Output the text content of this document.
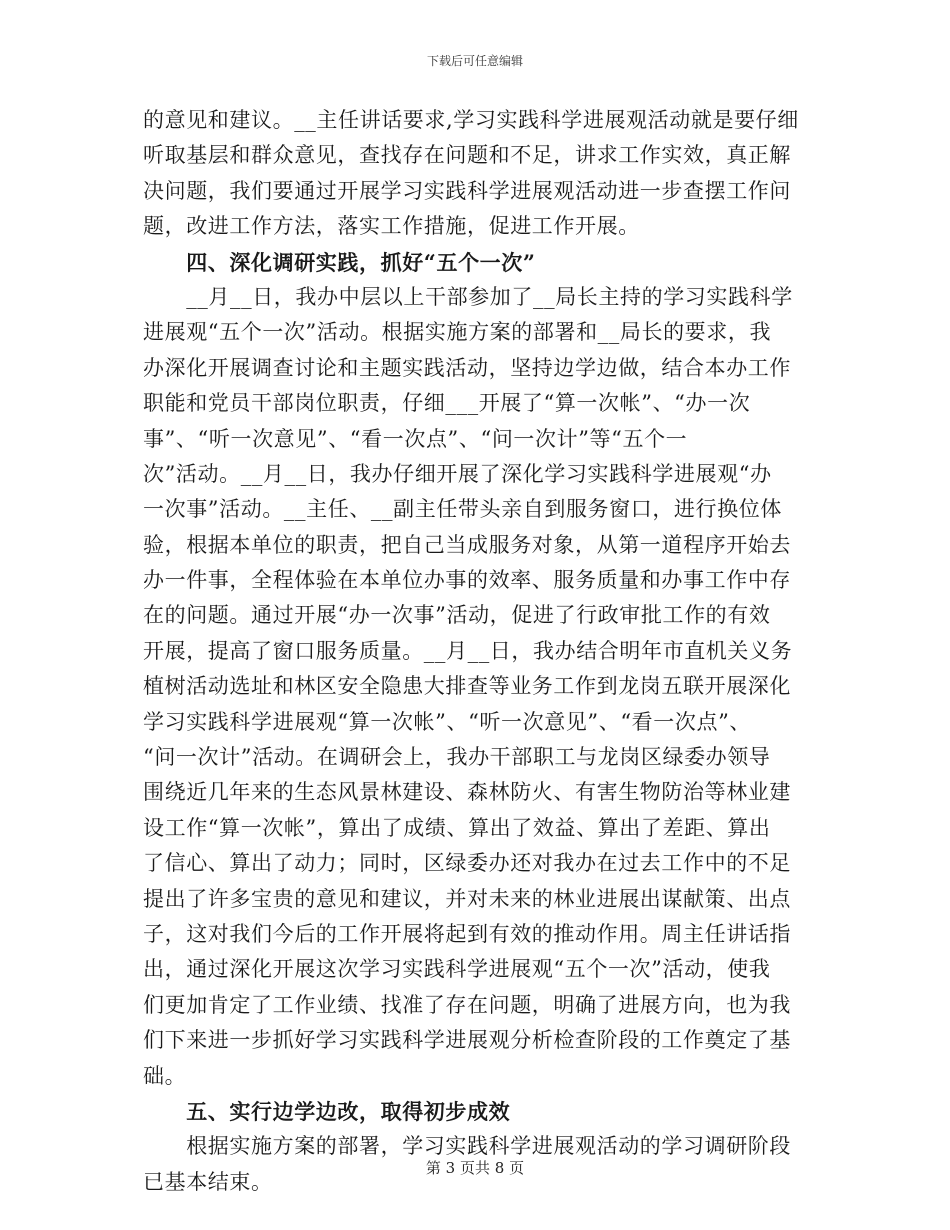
下载后可任意编辑
的意见和建议。__主任讲话要求,学习实践科学进展观活动就是要仔细
听取基层和群众意见，查找存在问题和不足，讲求工作实效，真正解
决问题，我们要通过开展学习实践科学进展观活动进一步查摆工作问
题，改进工作方法，落实工作措施，促进工作开展。
　　四、深化调研实践，抓好“五个一次”
　　__月__日，我办中层以上干部参加了__局长主持的学习实践科学
进展观“五个一次”活动。根据实施方案的部署和__局长的要求，我
办深化开展调查讨论和主题实践活动，坚持边学边做，结合本办工作
职能和党员干部岗位职责，仔细___开展了“算一次帐”、“办一次
事”、“听一次意见”、“看一次点”、“问一次计”等“五个一
次”活动。__月__日，我办仔细开展了深化学习实践科学进展观“办
一次事”活动。__主任、__副主任带头亲自到服务窗口，进行换位体
验，根据本单位的职责，把自己当成服务对象，从第一道程序开始去
办一件事，全程体验在本单位办事的效率、服务质量和办事工作中存
在的问题。通过开展“办一次事”活动，促进了行政审批工作的有效
开展，提高了窗口服务质量。__月__日，我办结合明年市直机关义务
植树活动选址和林区安全隐患大排查等业务工作到龙岗五联开展深化
学习实践科学进展观“算一次帐”、“听一次意见”、“看一次点”、
“问一次计”活动。在调研会上，我办干部职工与龙岗区绿委办领导
围绕近几年来的生态风景林建设、森林防火、有害生物防治等林业建
设工作“算一次帐”，算出了成绩、算出了效益、算出了差距、算出
了信心、算出了动力；同时，区绿委办还对我办在过去工作中的不足
提出了许多宝贵的意见和建议，并对未来的林业进展出谋献策、出点
子，这对我们今后的工作开展将起到有效的推动作用。周主任讲话指
出，通过深化开展这次学习实践科学进展观“五个一次”活动，使我
们更加肯定了工作业绩、找准了存在问题，明确了进展方向，也为我
们下来进一步抓好学习实践科学进展观分析检查阶段的工作奠定了基
础。
　　五、实行边学边改，取得初步成效
　　根据实施方案的部署，学习实践科学进展观活动的学习调研阶段
已基本结束。
第 3 页共 8 页
